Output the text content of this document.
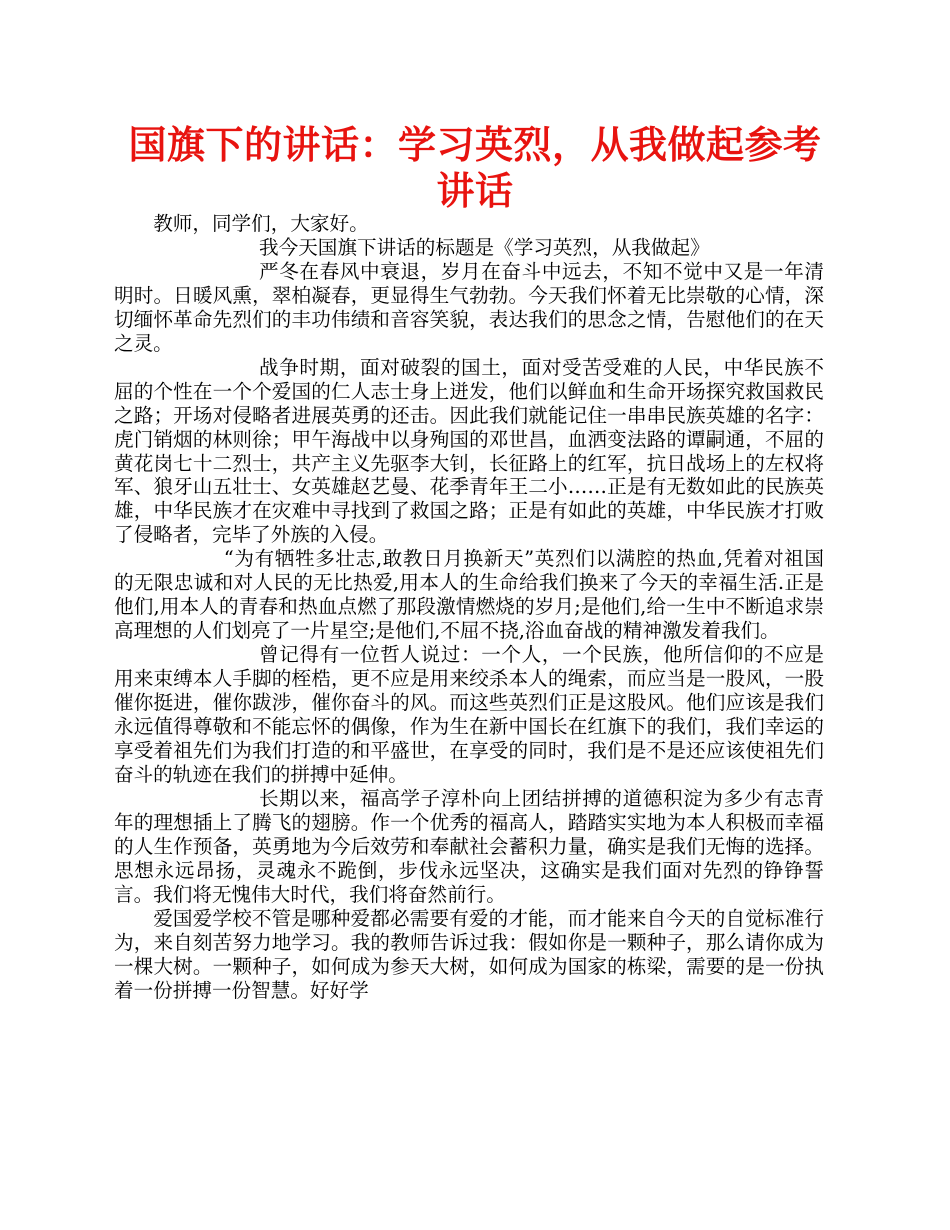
国旗下的讲话：学习英烈，从我做起参考
讲话

教师，同学们，大家好。

我今天国旗下讲话的标题是《学习英烈，从我做起》

严冬在春风中衰退，岁月在奋斗中远去，不知不觉中又是一年清明时。日暖风熏，翠柏凝春，更显得生气勃勃。今天我们怀着无比崇敬的心情，深切缅怀革命先烈们的丰功伟绩和音容笑貌，表达我们的思念之情，告慰他们的在天之灵。

战争时期，面对破裂的国土，面对受苦受难的人民，中华民族不屈的个性在一个个爱国的仁人志士身上迸发，他们以鲜血和生命开场探究救国救民之路；开场对侵略者进展英勇的还击。因此我们就能记住一串串民族英雄的名字：虎门销烟的林则徐；甲午海战中以身殉国的邓世昌，血洒变法路的谭嗣通，不屈的黄花岗七十二烈士，共产主义先驱李大钊，长征路上的红军，抗日战场上的左权将军、狼牙山五壮士、女英雄赵艺曼、花季青年王二小……正是有无数如此的民族英雄，中华民族才在灾难中寻找到了救国之路；正是有如此的英雄，中华民族才打败了侵略者，完毕了外族的入侵。

“为有牺牲多壮志,敢教日月换新天”英烈们以满腔的热血,凭着对祖国的无限忠诚和对人民的无比热爱,用本人的生命给我们换来了今天的幸福生活.正是他们,用本人的青春和热血点燃了那段激情燃烧的岁月;是他们,给一生中不断追求崇高理想的人们划亮了一片星空;是他们,不屈不挠,浴血奋战的精神激发着我们。

曾记得有一位哲人说过：一个人，一个民族，他所信仰的不应是用来束缚本人手脚的桎梏，更不应是用来绞杀本人的绳索，而应当是一股风，一股催你挺进，催你跋涉，催你奋斗的风。而这些英烈们正是这股风。他们应该是我们永远值得尊敬和不能忘怀的偶像，作为生在新中国长在红旗下的我们，我们幸运的享受着祖先们为我们打造的和平盛世，在享受的同时，我们是不是还应该使祖先们奋斗的轨迹在我们的拼搏中延伸。

长期以来，福高学子淳朴向上团结拼搏的道德积淀为多少有志青年的理想插上了腾飞的翅膀。作一个优秀的福高人，踏踏实实地为本人积极而幸福的人生作预备，英勇地为今后效劳和奉献社会蓄积力量，确实是我们无悔的选择。思想永远昂扬，灵魂永不跪倒，步伐永远坚决，这确实是我们面对先烈的铮铮誓言。我们将无愧伟大时代，我们将奋然前行。

爱国爱学校不管是哪种爱都必需要有爱的才能，而才能来自今天的自觉标准行为，来自刻苦努力地学习。我的教师告诉过我：假如你是一颗种子，那么请你成为一棵大树。一颗种子，如何成为参天大树，如何成为国家的栋梁，需要的是一份执着一份拼搏一份智慧。好好学
